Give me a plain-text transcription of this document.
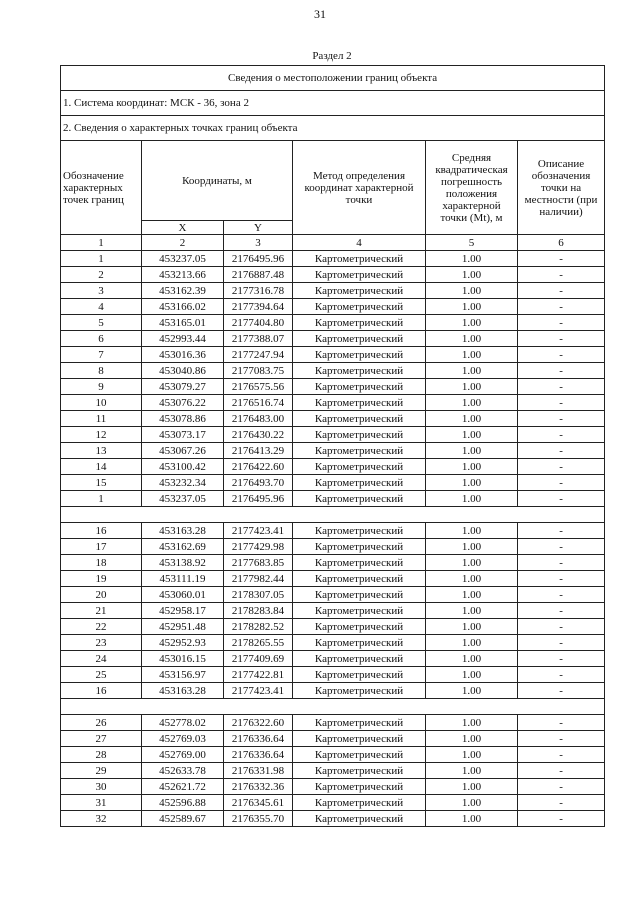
31
Раздел 2
Сведения о местоположении границ объекта					
1. Система координат: МСК - 36, зона 2					
2. Сведения о характерных точках границ объекта					
Обозначение характерных точек границ	Координаты, м		Метод определения координат характерной точки	Средняя квадратическая погрешность положения характерной точки (Mt), м	Описание обозначения точки на местности (при наличии)
	X	Y			
1	2	3	4	5	6
1	453237.05	2176495.96	Картометрический	1.00	-
2	453213.66	2176887.48	Картометрический	1.00	-
3	453162.39	2177316.78	Картометрический	1.00	-
4	453166.02	2177394.64	Картометрический	1.00	-
5	453165.01	2177404.80	Картометрический	1.00	-
6	452993.44	2177388.07	Картометрический	1.00	-
7	453016.36	2177247.94	Картометрический	1.00	-
8	453040.86	2177083.75	Картометрический	1.00	-
9	453079.27	2176575.56	Картометрический	1.00	-
10	453076.22	2176516.74	Картометрический	1.00	-
11	453078.86	2176483.00	Картометрический	1.00	-
12	453073.17	2176430.22	Картометрический	1.00	-
13	453067.26	2176413.29	Картометрический	1.00	-
14	453100.42	2176422.60	Картометрический	1.00	-
15	453232.34	2176493.70	Картометрический	1.00	-
1	453237.05	2176495.96	Картометрический	1.00	-

16	453163.28	2177423.41	Картометрический	1.00	-
17	453162.69	2177429.98	Картометрический	1.00	-
18	453138.92	2177683.85	Картометрический	1.00	-
19	453111.19	2177982.44	Картометрический	1.00	-
20	453060.01	2178307.05	Картометрический	1.00	-
21	452958.17	2178283.84	Картометрический	1.00	-
22	452951.48	2178282.52	Картометрический	1.00	-
23	452952.93	2178265.55	Картометрический	1.00	-
24	453016.15	2177409.69	Картометрический	1.00	-
25	453156.97	2177422.81	Картометрический	1.00	-
16	453163.28	2177423.41	Картометрический	1.00	-

26	452778.02	2176322.60	Картометрический	1.00	-
27	452769.03	2176336.64	Картометрический	1.00	-
28	452769.00	2176336.64	Картометрический	1.00	-
29	452633.78	2176331.98	Картометрический	1.00	-
30	452621.72	2176332.36	Картометрический	1.00	-
31	452596.88	2176345.61	Картометрический	1.00	-
32	452589.67	2176355.70	Картометрический	1.00	-
